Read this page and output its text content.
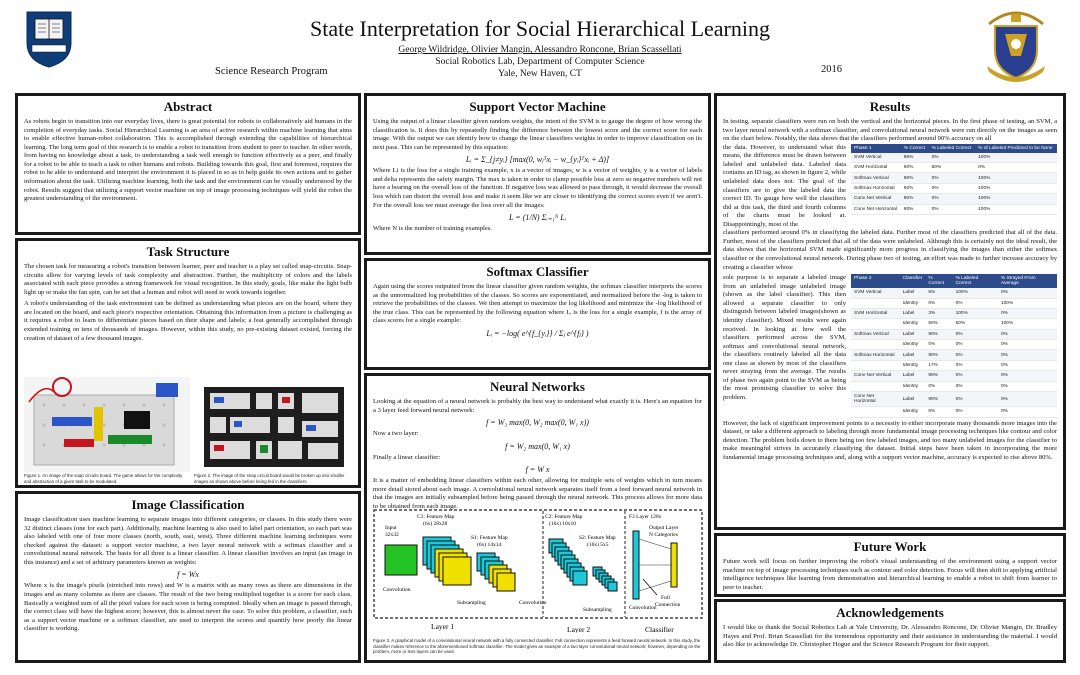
State Interpretation for Social Hierarchical Learning
George Wildridge, Olivier Mangin, Alessandro Roncone, Brian Scassellati
Social Robotics Lab, Department of Computer Science
Yale, New Haven, CT
Science Research Program	2016
Abstract

As robots begin to transition into our everyday lives, there is great potential for robots to collaboratively aid humans in the completion of everyday tasks. Social Hierarchical Learning is an area of active research within machine learning that aims to enable effective human-robot collaboration. This is accomplished through extending the capabilities of hierarchical learning. The long term goal of this research is to enable a robot to transition from student to peer to teacher. In other words, from having no knowledge about a task, to understanding a task well enough to function effectively as a peer, and finally for a robot to be able to teach a task to other humans and robots. Building towards this goal, first and foremost, requires the robot to be able to understand and interpret the environment it is placed in so as to help guide its own actions and to gather information about the task. Utilizing machine learning, both the task and the environment can be visually understood by the robot. Results suggest that utilizing a support vector machine on top of image processing techniques will yield the robot the greatest understanding of the environment.

Task Structure

The chosen task for measuring a robot's transition between learner, peer and teacher is a play set called snap-circuits. Snap-circuits allow for varying levels of task complexity and abstraction. Further, the multiplicity of colors and the labels associated with each piece provides a strong framework for visual recognition. In this study, goals, like make the light bulb light up or make the fan spin, can be set that a human and robot will need to work towards together.

A robot's understanding of the task environment can be defined as understanding what pieces are on the board, where they are located on the board, and each piece's respective orientation. Obtaining this information from a picture is challenging as it requires a robot to learn to differentiate pieces based on their shape and labels; a feat generally accomplished through extended training on tens of thousands of images. However, within this study, no pre-existing dataset existed, forcing the creation of dataset of a few thousand images.

Figure 1. An image of the snap circuits board. The game allows for the complexity and abstraction of a given task to be modulated.
Figure 2. The image of the snap circuit board would be broken up into smaller images as shown above before being fed in the classifiers.
Image Classification

Image classification uses machine learning to separate images into different categories, or classes. In this study there were 32 distinct classes (one for each part). Additionally, machine learning is also used to label part orientation, so each part was also labeled with one of four more classes (north, south, east, west). Three different machine learning techniques were checked against the dataset: a support vector machine, a two layer neural network with a softmax classifier and a convolutional neural network. The basis for all three is a linear classifier. A linear classifier involves an input (an image in this instance) and a set of arbitrary parameters known as weights:

f = Wx

Where x is the image's pixels (stretched into rows) and W is a matrix with as many rows as there are dimensions in the images and as many columns as there are classes. The result of the two being multiplied together is a score for each class. Basically a weighted sum of all the pixel values for each score is being computed. Ideally when an image is passed through, the correct class will have the highest score; however, this is almost never the case. To solve this problem, a classifier, such as a support vector machine or a softmax classifier, are used to interpret the scores and quantify how poorly the linear classifier is working.

Support Vector Machine

Using the output of a linear classifier given random weights, the intent of the SVM is to gauge the degree of how wrong the classification is. It does this by repeatedly finding the difference between the lowest score and the correct score for each image. With the output we can identify how to change the linear classifiers weights in order to improve classification on its next pass. This can be represented by this equation:

Lᵢ = Σ_{j≠yᵢ} [max(0, wⱼᵀxᵢ − w_{yᵢ}ᵀxᵢ + Δ)]

Where Li is the loss for a single training example, x is a vector of images, w is a vector of weights, y is a vector of labels and delta represents the safety margin. The max is taken in order to clamp possible loss at zero so negative numbers will not have a bearing on the overall loss of the function. If negative loss was allowed to pass through, it would decrease the overall loss which can distort the overall loss and make it seem like we are closer to identifying the correct scores even if we aren't. For the overall loss we must average the loss over all the images:

L = (1/N) Σᵢ₌₁ᴺ Lᵢ

Where N is the number of training examples.

Softmax Classifier

Again using the scores outputted from the linear classifier given random weights, the softmax classifier interprets the scores as the unnormalized log probabilities of the classes. So scores are exponentiated, and normalized before the -log is taken to retrieve the probabilities of the classes. We then attempt to maximize the log likelihood and minimize the -log likelihood of the true class. This can be represented by the following equation where Lᵢ is the loss for a single example, f is the array of class scores for a single example:

Lᵢ = −log( e^{f_{yᵢ}} / Σⱼ e^{fⱼ} )
Neural Networks

Looking at the equation of a neural network is probably the best way to understand what exactly it is. Here's an equation for a 3 layer feed forward neural network:

f = W₃ max(0, W₂ max(0, W₁ x))

Now a two layer:

f = W₂ max(0, W₁ x)

Finally a linear classifier:

f = W x

It is a matter of embedding linear classifiers within each other, allowing for multiple sets of weights which in turn means more detail stored about each image. A convolutional neural network separates itself from a feed forward neural network in that the images are initially subsampled before being passed through the neural network. This process allows for more data to be obtained from each image.

Input
32x32
C1: Feature Map
(6x) 28x28
S1: Feature Map
(6x) 14x14
C2: Feature Map
(16x) 10x10
S2: Feature Map
(16x) 5x5
F3 Layer 120x
Output Layer
N Categories
Convolution
Subsampling	Convolution
Subsampling	Convolution
Full
Connection
Layer 1	Layer 2	Classifier
Figure 3. A graphical model of a convolutional neural network with a fully connected classifier. Full connection represents a feed forward neural network. In this study, the classifier makes reference to the aforementioned softmax classifier. The model gives an example of a two layer convolutional neural network; however, depending on the problem, more or less layers can be used.
Results

In testing, separate classifiers were run on both the vertical and the horizontal pieces. In the first phase of testing, an SVM, a two layer neural network with a softmax classifier, and convolutional neural network were run directly on the images as seen on the chart below. Notably, the data shows that the classifiers performed around 90% accuracy on all

Phase 1	% Correct	% Labeled Correct	% of Labeled Predicted to be None
SVM Vertical	86%	0%	100%
SVM Horizontal	90%	50%	0%
Softmax Vertical	90%	0%	100%
Softmax Horizontal	90%	0%	100%
Conv Net Vertical	90%	0%	100%
Conv Net Horizontal	90%	0%	100%

the data. However, to understand what this means, the difference must be drawn between labeled and unlabeled data. Labeled data contains an ID tag, as shown in figure 2, while unlabeled data does not. The goal of the classifiers are to give the labeled data the correct ID. To gauge how well the classifiers did at this task, the third and fourth columns of the charts must be looked at. Disappointingly, most of the

classifiers performed around 0% in classifying the labeled data. Further most of the classifiers predicted that all of the data. Further, most of the classifiers predicted that all of the data were unlabeled. Although this is certainly not the ideal result, the data shows that the horizontal SVM made significantly more progress in classifying the images than either the softmax classifier or the convolutional neural network. During phase two of testing, an effort was made to further increase accuracy by creating a classifier whose

Phase 2	Classifier	% Correct	% Labeled Correct	% Strayed From Average
SVM Vertical	Label	5%	100%	0%
	Identity	0%	0%	100%
SVM Horizontal	Label	3%	100%	0%
	Identity	50%	50%	100%
Softmax Vertical	Label	90%	0%	0%
	Identity	0%	0%	0%
Softmax Horizontal	Label	90%	0%	0%
	Identity	17%	0%	0%
Conv Net Vertical	Label	90%	0%	0%
	Identity	0%	0%	0%
Conv Net Horizontal	Label	90%	0%	0%
	Identity	0%	0%	0%

sole purpose is to separate a labeled image from an unlabeled image unlabeled image (shown as the label classifier). This then allowed a separate classifier to only distinguish between labeled images(shown as identity classifier). Mixed results were again received. In looking at how well the classifiers performed across the SVM, softmax and convolutional neural network, the classifiers routinely labeled all the data one class as shown by most of the classifiers never straying from the average. The results of phase two again point to the SVM as being the most promising classifier to solve this problem.

However, the lack of significant improvement points to a necessity to either incorporate many thousands more images into the dataset, or take a different approach to labeling through more fundamental image processing techniques like contour and color detection. The problem boils down to there being too few labeled images, and too many unlabeled images for the classifier to make meaningful strives in accurately classifying the dataset. Initial steps have been taken in incorporating the more fundamental image processing techniques and, along with a support vector machine, accuracy is expected to rise above 80%.

Future Work

Future work will focus on further improving the robot's visual understanding of the environment using a support vector machine on top of image processing techniques such as contour and color detection. Focus will then shift to applying artificial intelligence techniques like learning from demonstration and hierarchical learning to enable a robot to shift from learner to peer to teacher.

Acknowledgements

I would like to thank the Social Robotics Lab at Yale University, Dr. Alessandro Roncone, Dr. Olivier Mangin, Dr. Bradley Hayes and Prof. Brian Scassellati for the tremendous opportunity and their assistance in understanding the material. I would also like to acknowledge Dr. Christopher Hogue and the Science Research Program for their support.
